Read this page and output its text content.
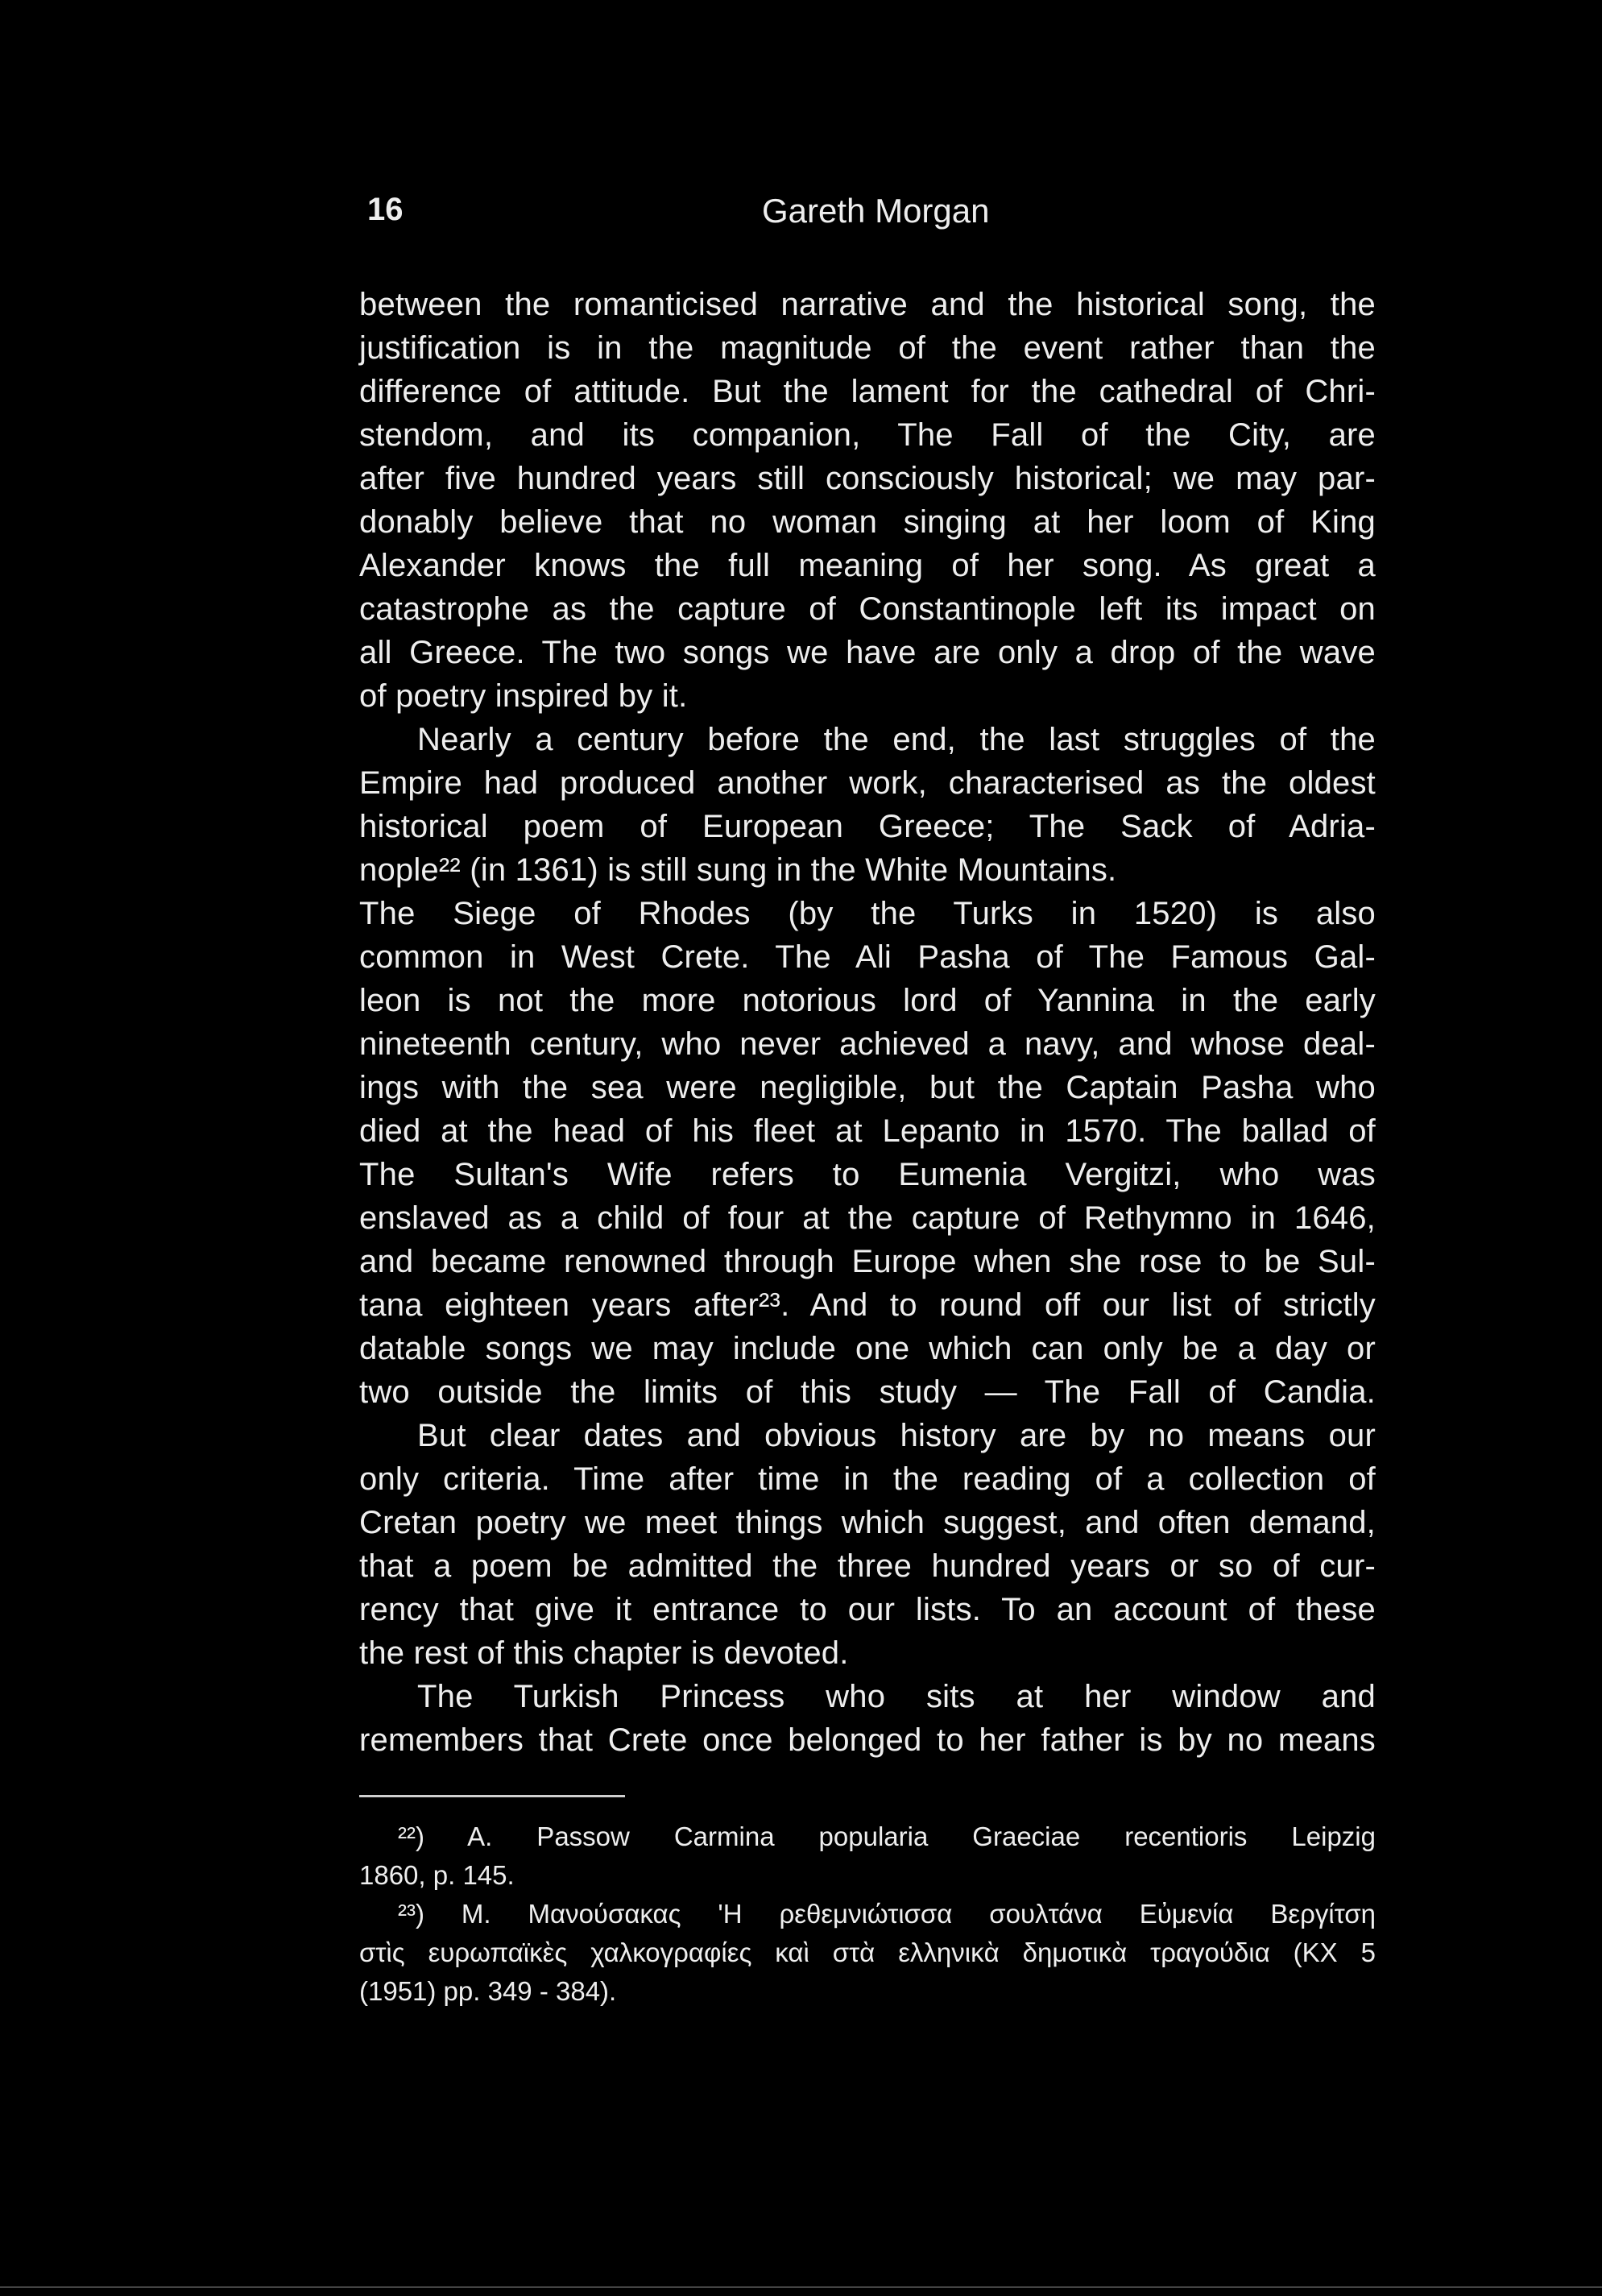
16	Gareth Morgan
between the romanticised narrative and the historical song, the
justification is in the magnitude of the event rather than the
difference of attitude. But the lament for the cathedral of Chri-
stendom, and its companion, The Fall of the City, are
after five hundred years still consciously historical; we may par-
donably believe that no woman singing at her loom of King
Alexander knows the full meaning of her song. As great a
catastrophe as the capture of Constantinople left its impact on
all Greece. The two songs we have are only a drop of the wave
of poetry inspired by it.
Nearly a century before the end, the last struggles of the
Empire had produced another work, characterised as the oldest
historical poem of European Greece; The Sack of Adria-
nople²² (in 1361) is still sung in the White Mountains.
The Siege of Rhodes (by the Turks in 1520) is also
common in West Crete. The Ali Pasha of The Famous Gal-
leon is not the more notorious lord of Yannina in the early
nineteenth century, who never achieved a navy, and whose deal-
ings with the sea were negligible, but the Captain Pasha who
died at the head of his fleet at Lepanto in 1570. The ballad of
The Sultan's Wife refers to Eumenia Vergitzi, who was
enslaved as a child of four at the capture of Rethymno in 1646,
and became renowned through Europe when she rose to be Sul-
tana eighteen years after²³. And to round off our list of strictly
datable songs we may include one which can only be a day or
two outside the limits of this study — The Fall of Candia.
But clear dates and obvious history are by no means our
only criteria. Time after time in the reading of a collection of
Cretan poetry we meet things which suggest, and often demand,
that a poem be admitted the three hundred years or so of cur-
rency that give it entrance to our lists. To an account of these
the rest of this chapter is devoted.
The Turkish Princess who sits at her window and
remembers that Crete once belonged to her father is by no means
²²) A. Passow Carmina popularia Graeciae recentioris Leipzig
1860, p. 145.
²³) Μ. Μανούσακας 'Η ρεθεμνιώτισσα σουλτάνα Εὐμενία Βεργίτση
στὶς ευρωπαϊκὲς χαλκογραφίες καὶ στὰ ελληνικὰ δημοτικὰ τραγούδια (ΚΧ 5
(1951) pp. 349 - 384).
